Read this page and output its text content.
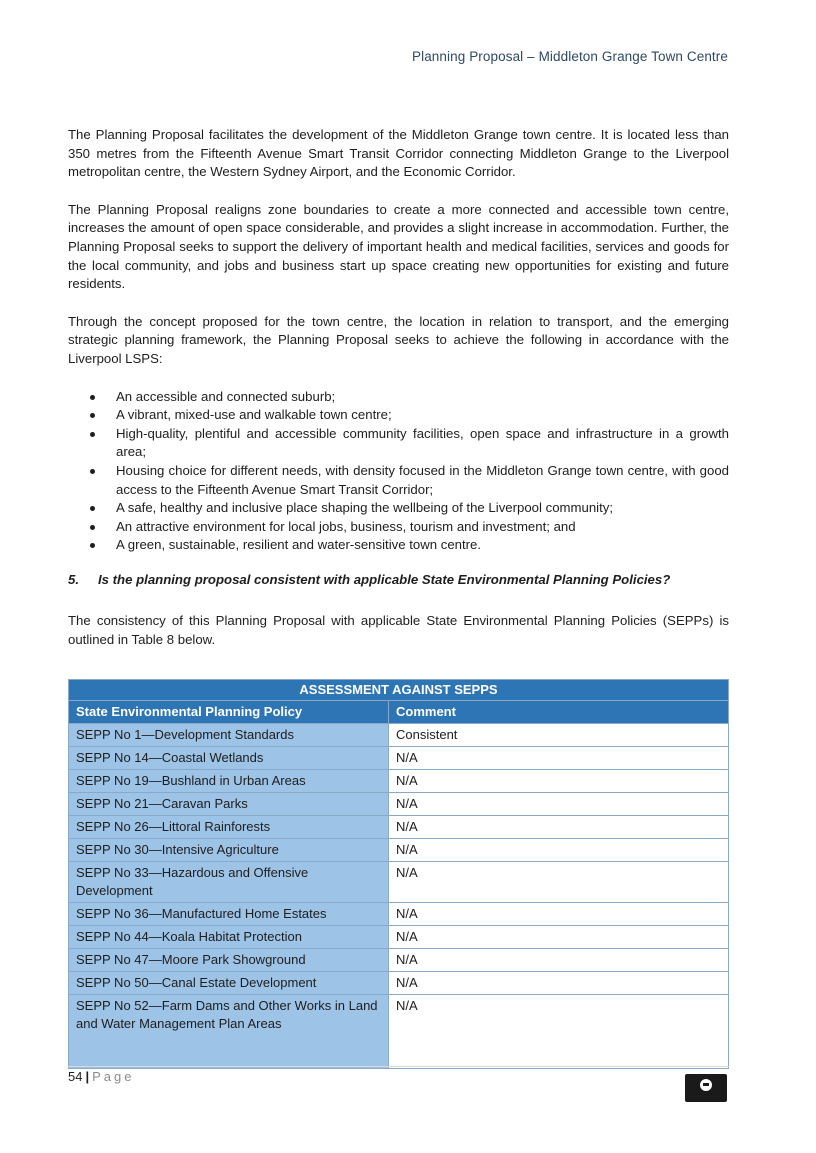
Planning Proposal – Middleton Grange Town Centre

The Planning Proposal facilitates the development of the Middleton Grange town centre. It is located less than 350 metres from the Fifteenth Avenue Smart Transit Corridor connecting Middleton Grange to the Liverpool metropolitan centre, the Western Sydney Airport, and the Economic Corridor.

The Planning Proposal realigns zone boundaries to create a more connected and accessible town centre, increases the amount of open space considerable, and provides a slight increase in accommodation. Further, the Planning Proposal seeks to support the delivery of important health and medical facilities, services and goods for the local community, and jobs and business start up space creating new opportunities for existing and future residents.

Through the concept proposed for the town centre, the location in relation to transport, and the emerging strategic planning framework, the Planning Proposal seeks to achieve the following in accordance with the Liverpool LSPS:

An accessible and connected suburb;
A vibrant, mixed-use and walkable town centre;
High-quality, plentiful and accessible community facilities, open space and infrastructure in a growth area;
Housing choice for different needs, with density focused in the Middleton Grange town centre, with good access to the Fifteenth Avenue Smart Transit Corridor;
A safe, healthy and inclusive place shaping the wellbeing of the Liverpool community;
An attractive environment for local jobs, business, tourism and investment; and
A green, sustainable, resilient and water-sensitive town centre.

5. Is the planning proposal consistent with applicable State Environmental Planning Policies?

The consistency of this Planning Proposal with applicable State Environmental Planning Policies (SEPPs) is outlined in Table 8 below.

ASSESSMENT AGAINST SEPPS	
State Environmental Planning Policy	Comment
SEPP No 1—Development Standards	Consistent
SEPP No 14—Coastal Wetlands	N/A
SEPP No 19—Bushland in Urban Areas	N/A
SEPP No 21—Caravan Parks	N/A
SEPP No 26—Littoral Rainforests	N/A
SEPP No 30—Intensive Agriculture	N/A
SEPP No 33—Hazardous and Offensive Development	N/A
SEPP No 36—Manufactured Home Estates	N/A
SEPP No 44—Koala Habitat Protection	N/A
SEPP No 47—Moore Park Showground	N/A
SEPP No 50—Canal Estate Development	N/A
SEPP No 52—Farm Dams and Other Works in Land and Water Management Plan Areas	N/A
54 | Page
